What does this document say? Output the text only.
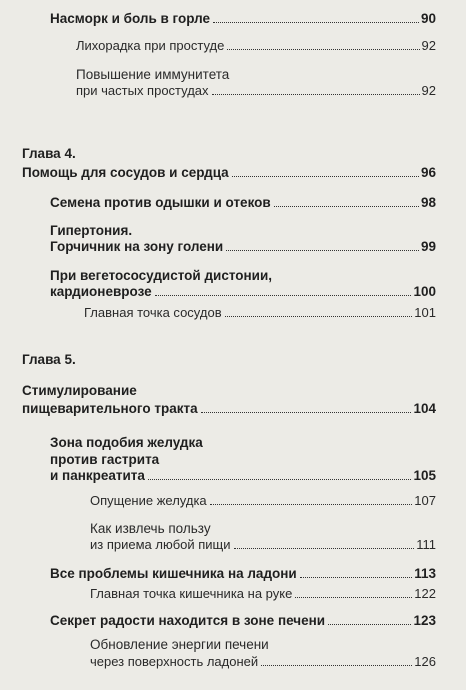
Насморк и боль в горле	90
Лихорадка при простуде	92
Повышение иммунитета
при частых простудах	92
Глава 4.
Помощь для сосудов и сердца	96
Семена против одышки и отеков	98
Гипертония.
Горчичник на зону голени	99
При вегетососудистой дистонии,
кардионеврозе	100
Главная точка сосудов	101
Глава 5.
Стимулирование
пищеварительного тракта	104
Зона подобия желудка
против гастрита
и панкреатита	105
Опущение желудка	107
Как извлечь пользу
из приема любой пищи	111
Все проблемы кишечника на ладони	113
Главная точка кишечника на руке	122
Секрет радости находится в зоне печени	123
Обновление энергии печени
через поверхность ладоней	126
